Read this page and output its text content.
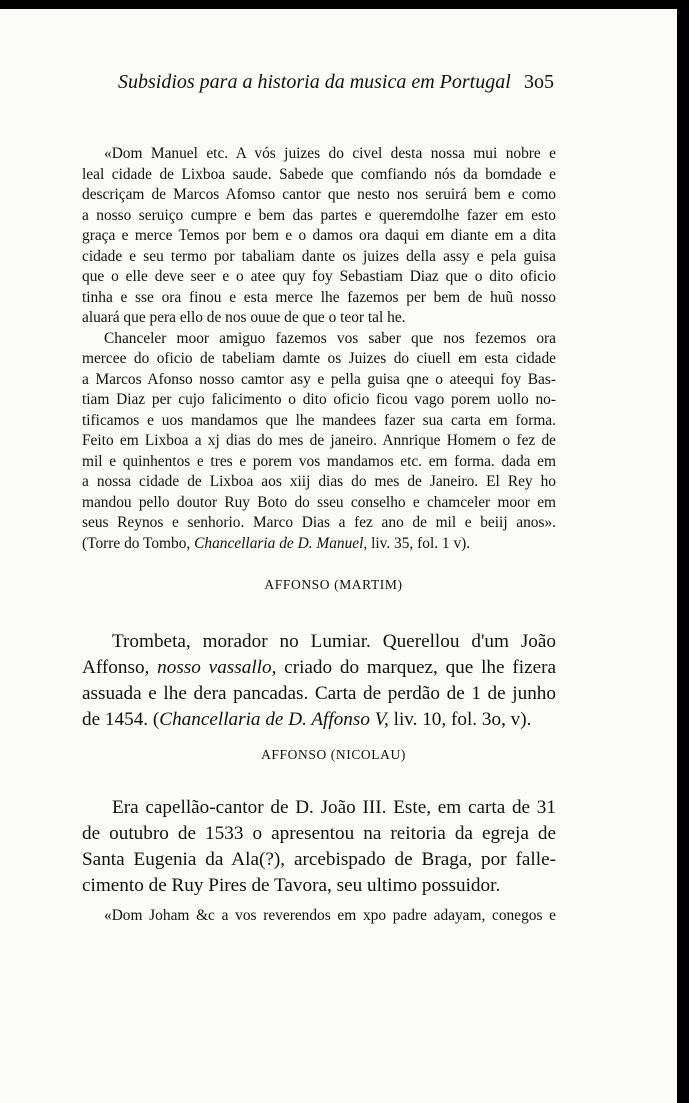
Subsidios para a historia da musica em Portugal 3o5
«Dom Manuel etc. A vós juizes do civel desta nossa mui nobre e
leal cidade de Lixboa saude. Sabede que comfiando nós da bomdade e
descriçam de Marcos Afomso cantor que nesto nos seruirá bem e como
a nosso seruiço cumpre e bem das partes e queremdolhe fazer em esto
graça e merce Temos por bem e o damos ora daqui em diante em a dita
cidade e seu termo por tabaliam dante os juizes della assy e pela guisa
que o elle deve seer e o atee quy foy Sebastiam Diaz que o dito oficio
tinha e sse ora finou e esta merce lhe fazemos per bem de huũ nosso
aluará que pera ello de nos ouue de que o teor tal he.
Chanceler moor amiguo fazemos vos saber que nos fezemos ora
mercee do oficio de tabeliam damte os Juizes do ciuell em esta cidade
a Marcos Afonso nosso camtor asy e pella guisa qne o ateequi foy Bas-
tiam Diaz per cujo falicimento o dito oficio ficou vago porem uollo no-
tificamos e uos mandamos que lhe mandees fazer sua carta em forma.
Feito em Lixboa a xj dias do mes de janeiro. Annrique Homem o fez de
mil e quinhentos e tres e porem vos mandamos etc. em forma. dada em
a nossa cidade de Lixboa aos xiij dias do mes de Janeiro. El Rey ho
mandou pello doutor Ruy Boto do sseu conselho e chamceler moor em
seus Reynos e senhorio. Marco Dias a fez ano de mil e beiij anos».
(Torre do Tombo, Chancellaria de D. Manuel, liv. 35, fol. 1 v).
AFFONSO (MARTIM)
Trombeta, morador no Lumiar. Querellou d'um João
Affonso, nosso vassallo, criado do marquez, que lhe fizera
assuada e lhe dera pancadas. Carta de perdão de 1 de junho
de 1454. (Chancellaria de D. Affonso V, liv. 10, fol. 3o, v).
AFFONSO (NICOLAU)
Era capellão-cantor de D. João III. Este, em carta de 31
de outubro de 1533 o apresentou na reitoria da egreja de
Santa Eugenia da Ala(?), arcebispado de Braga, por falle-
cimento de Ruy Pires de Tavora, seu ultimo possuidor.
«Dom Joham &c a vos reverendos em xpo padre adayam, conegos e
